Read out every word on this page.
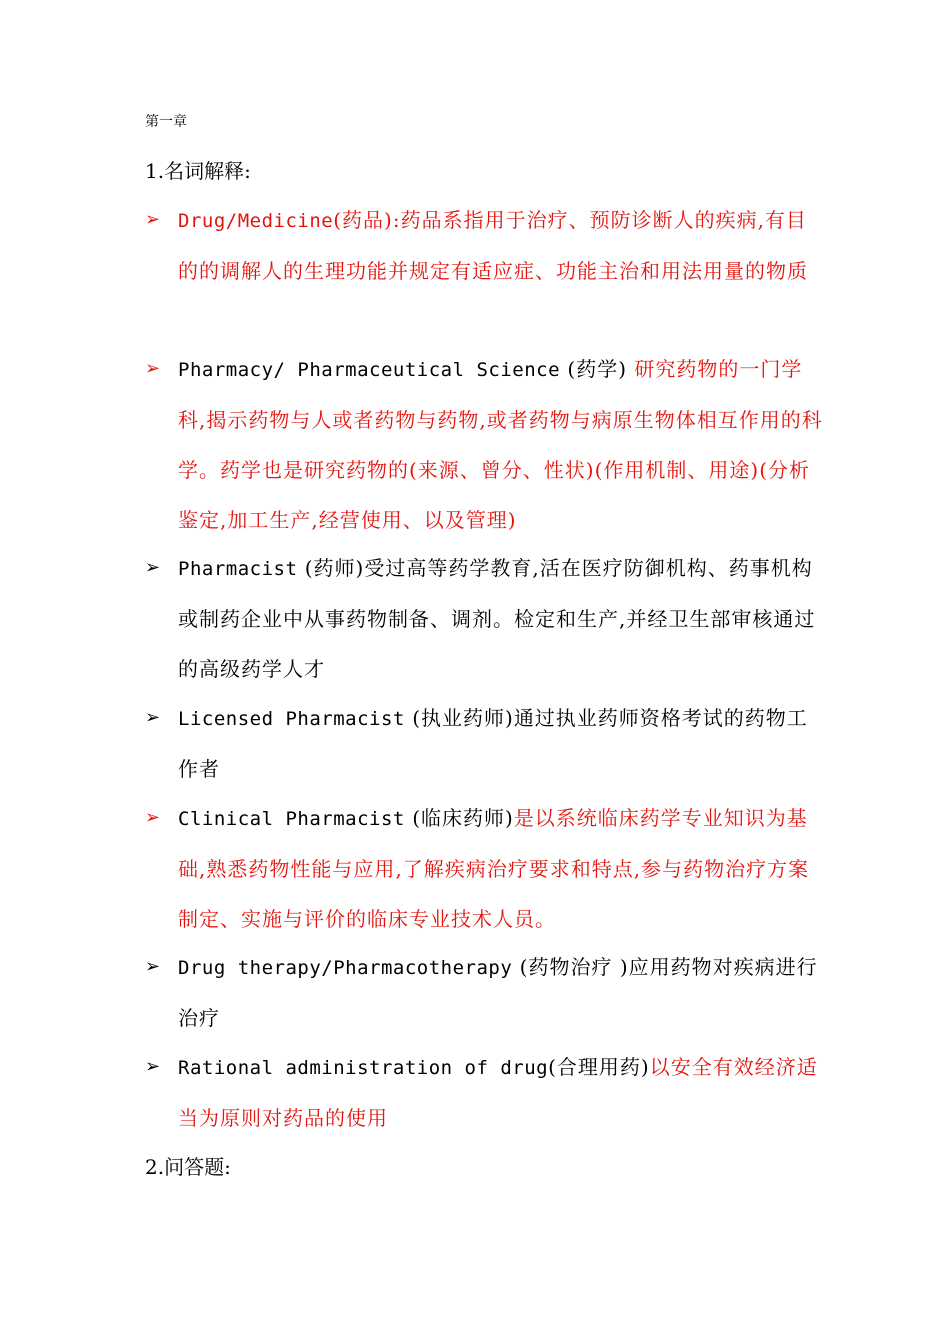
第一章
1.名词解释:
➢ Drug/Medicine(药品):药品系指用于治疗、预防诊断人的疾病,有目的的调解人的生理功能并规定有适应症、功能主治和用法用量的物质
➢ Pharmacy/ Pharmaceutical Science (药学) 研究药物的一门学科,揭示药物与人或者药物与药物,或者药物与病原生物体相互作用的科学。药学也是研究药物的(来源、曾分、性状)(作用机制、用途)(分析鉴定,加工生产,经营使用、以及管理)
➢ Pharmacist (药师)受过高等药学教育,活在医疗防御机构、药事机构或制药企业中从事药物制备、调剂。检定和生产,并经卫生部审核通过的高级药学人才
➢ Licensed Pharmacist (执业药师)通过执业药师资格考试的药物工作者
➢ Clinical Pharmacist (临床药师)是以系统临床药学专业知识为基础,熟悉药物性能与应用,了解疾病治疗要求和特点,参与药物治疗方案制定、实施与评价的临床专业技术人员。
➢ Drug therapy/Pharmacotherapy (药物治疗 )应用药物对疾病进行治疗
➢ Rational administration of drug(合理用药)以安全有效经济适当为原则对药品的使用
2.问答题:
